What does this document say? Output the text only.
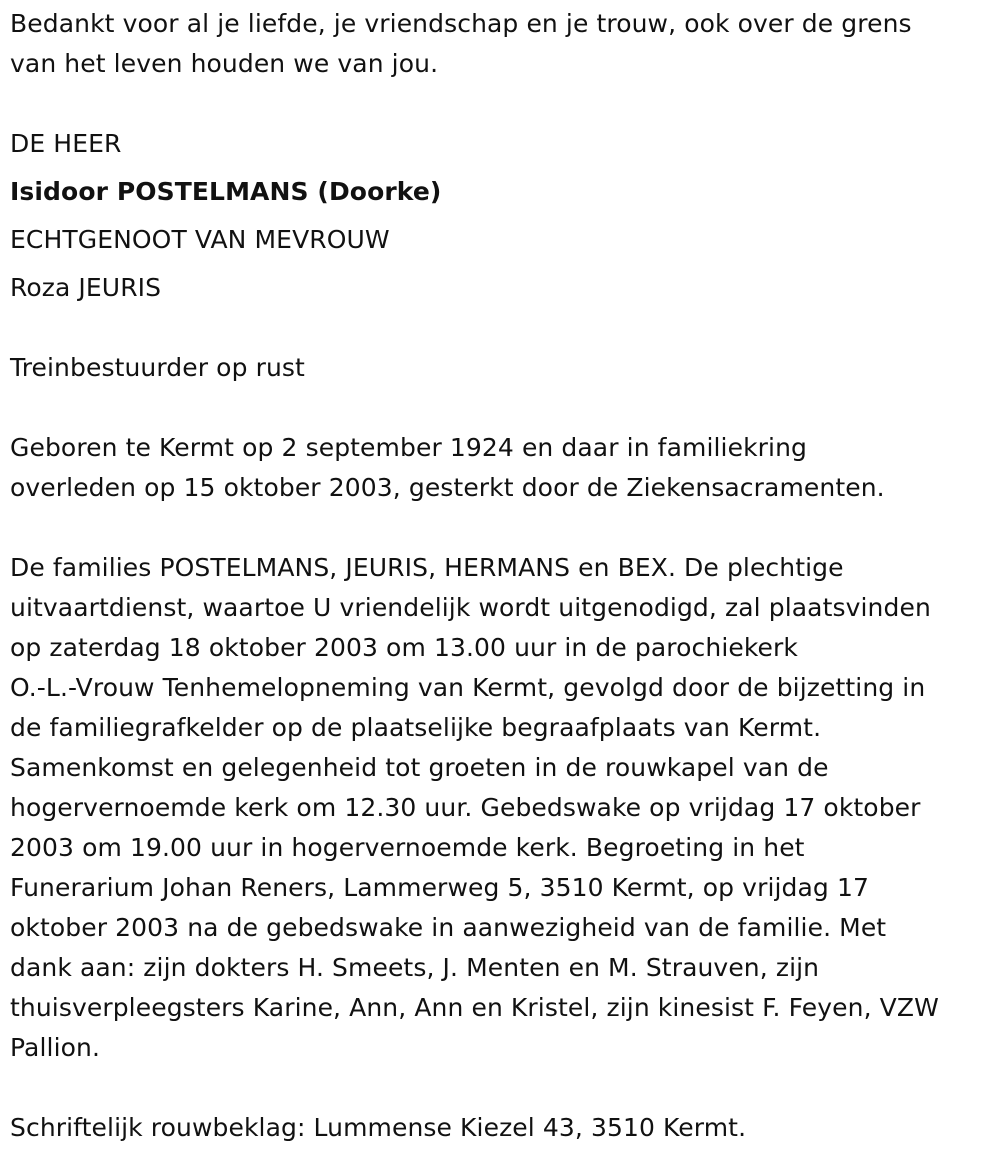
Bedankt voor al je liefde, je vriendschap en je trouw, ook over de grens

van het leven houden we van jou.

DE HEER

Isidoor POSTELMANS (Doorke)

ECHTGENOOT VAN MEVROUW

Roza JEURIS

Treinbestuurder op rust

Geboren te Kermt op 2 september 1924 en daar in familiekring

overleden op 15 oktober 2003, gesterkt door de Ziekensacramenten.

De families POSTELMANS, JEURIS, HERMANS en BEX. De plechtige

uitvaartdienst, waartoe U vriendelijk wordt uitgenodigd, zal plaatsvinden

op zaterdag 18 oktober 2003 om 13.00 uur in de parochiekerk

O.-L.-Vrouw Tenhemelopneming van Kermt, gevolgd door de bijzetting in

de familiegrafkelder op de plaatselijke begraafplaats van Kermt.

Samenkomst en gelegenheid tot groeten in de rouwkapel van de

hogervernoemde kerk om 12.30 uur. Gebedswake op vrijdag 17 oktober

2003 om 19.00 uur in hogervernoemde kerk. Begroeting in het

Funerarium Johan Reners, Lammerweg 5, 3510 Kermt, op vrijdag 17

oktober 2003 na de gebedswake in aanwezigheid van de familie. Met

dank aan: zijn dokters H. Smeets, J. Menten en M. Strauven, zijn

thuisverpleegsters Karine, Ann, Ann en Kristel, zijn kinesist F. Feyen, VZW

Pallion.

Schriftelijk rouwbeklag: Lummense Kiezel 43, 3510 Kermt.
